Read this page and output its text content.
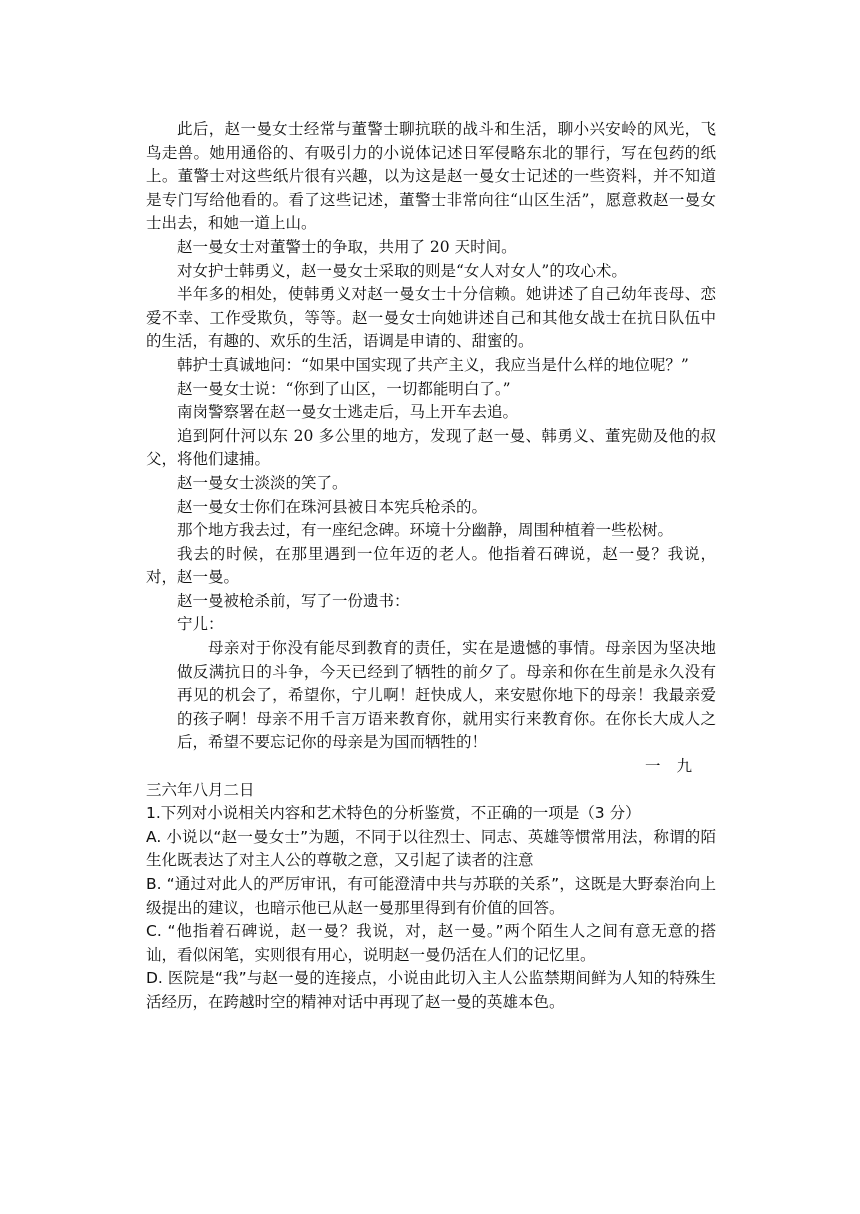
此后，赵一曼女士经常与董警士聊抗联的战斗和生活，聊小兴安岭的风光，飞鸟走兽。她用通俗的、有吸引力的小说体记述日军侵略东北的罪行，写在包药的纸上。董警士对这些纸片很有兴趣，以为这是赵一曼女士记述的一些资料，并不知道是专门写给他看的。看了这些记述，董警士非常向往“山区生活”，愿意救赵一曼女士出去，和她一道上山。

赵一曼女士对董警士的争取，共用了 20 天时间。

对女护士韩勇义，赵一曼女士采取的则是“女人对女人”的攻心术。

半年多的相处，使韩勇义对赵一曼女士十分信赖。她讲述了自己幼年丧母、恋爱不幸、工作受欺负，等等。赵一曼女士向她讲述自己和其他女战士在抗日队伍中的生活，有趣的、欢乐的生活，语调是申请的、甜蜜的。

韩护士真诚地问：“如果中国实现了共产主义，我应当是什么样的地位呢？”

赵一曼女士说：“你到了山区，一切都能明白了。”

南岗警察署在赵一曼女士逃走后，马上开车去追。

追到阿什河以东 20 多公里的地方，发现了赵一曼、韩勇义、董宪勋及他的叔父，将他们逮捕。

赵一曼女士淡淡的笑了。

赵一曼女士你们在珠河县被日本宪兵枪杀的。

那个地方我去过，有一座纪念碑。环境十分幽静，周围种植着一些松树。

我去的时候，在那里遇到一位年迈的老人。他指着石碑说，赵一曼？我说，对，赵一曼。

赵一曼被枪杀前，写了一份遗书：

宁儿：

母亲对于你没有能尽到教育的责任，实在是遗憾的事情。母亲因为坚决地做反满抗日的斗争，今天已经到了牺牲的前夕了。母亲和你在生前是永久没有再见的机会了，希望你，宁儿啊！赶快成人，来安慰你地下的母亲！我最亲爱的孩子啊！母亲不用千言万语来教育你，就用实行来教育你。在你长大成人之后，希望不要忘记你的母亲是为国而牺牲的！

一九

三六年八月二日

1.下列对小说相关内容和艺术特色的分析鉴赏，不正确的一项是（3 分）

A. 小说以“赵一曼女士”为题，不同于以往烈士、同志、英雄等惯常用法，称谓的陌生化既表达了对主人公的尊敬之意，又引起了读者的注意

B. “通过对此人的严厉审讯，有可能澄清中共与苏联的关系”，这既是大野泰治向上级提出的建议，也暗示他已从赵一曼那里得到有价值的回答。

C. “他指着石碑说，赵一曼？我说，对，赵一曼。”两个陌生人之间有意无意的搭讪，看似闲笔，实则很有用心，说明赵一曼仍活在人们的记忆里。

D. 医院是“我”与赵一曼的连接点，小说由此切入主人公监禁期间鲜为人知的特殊生活经历，在跨越时空的精神对话中再现了赵一曼的英雄本色。
